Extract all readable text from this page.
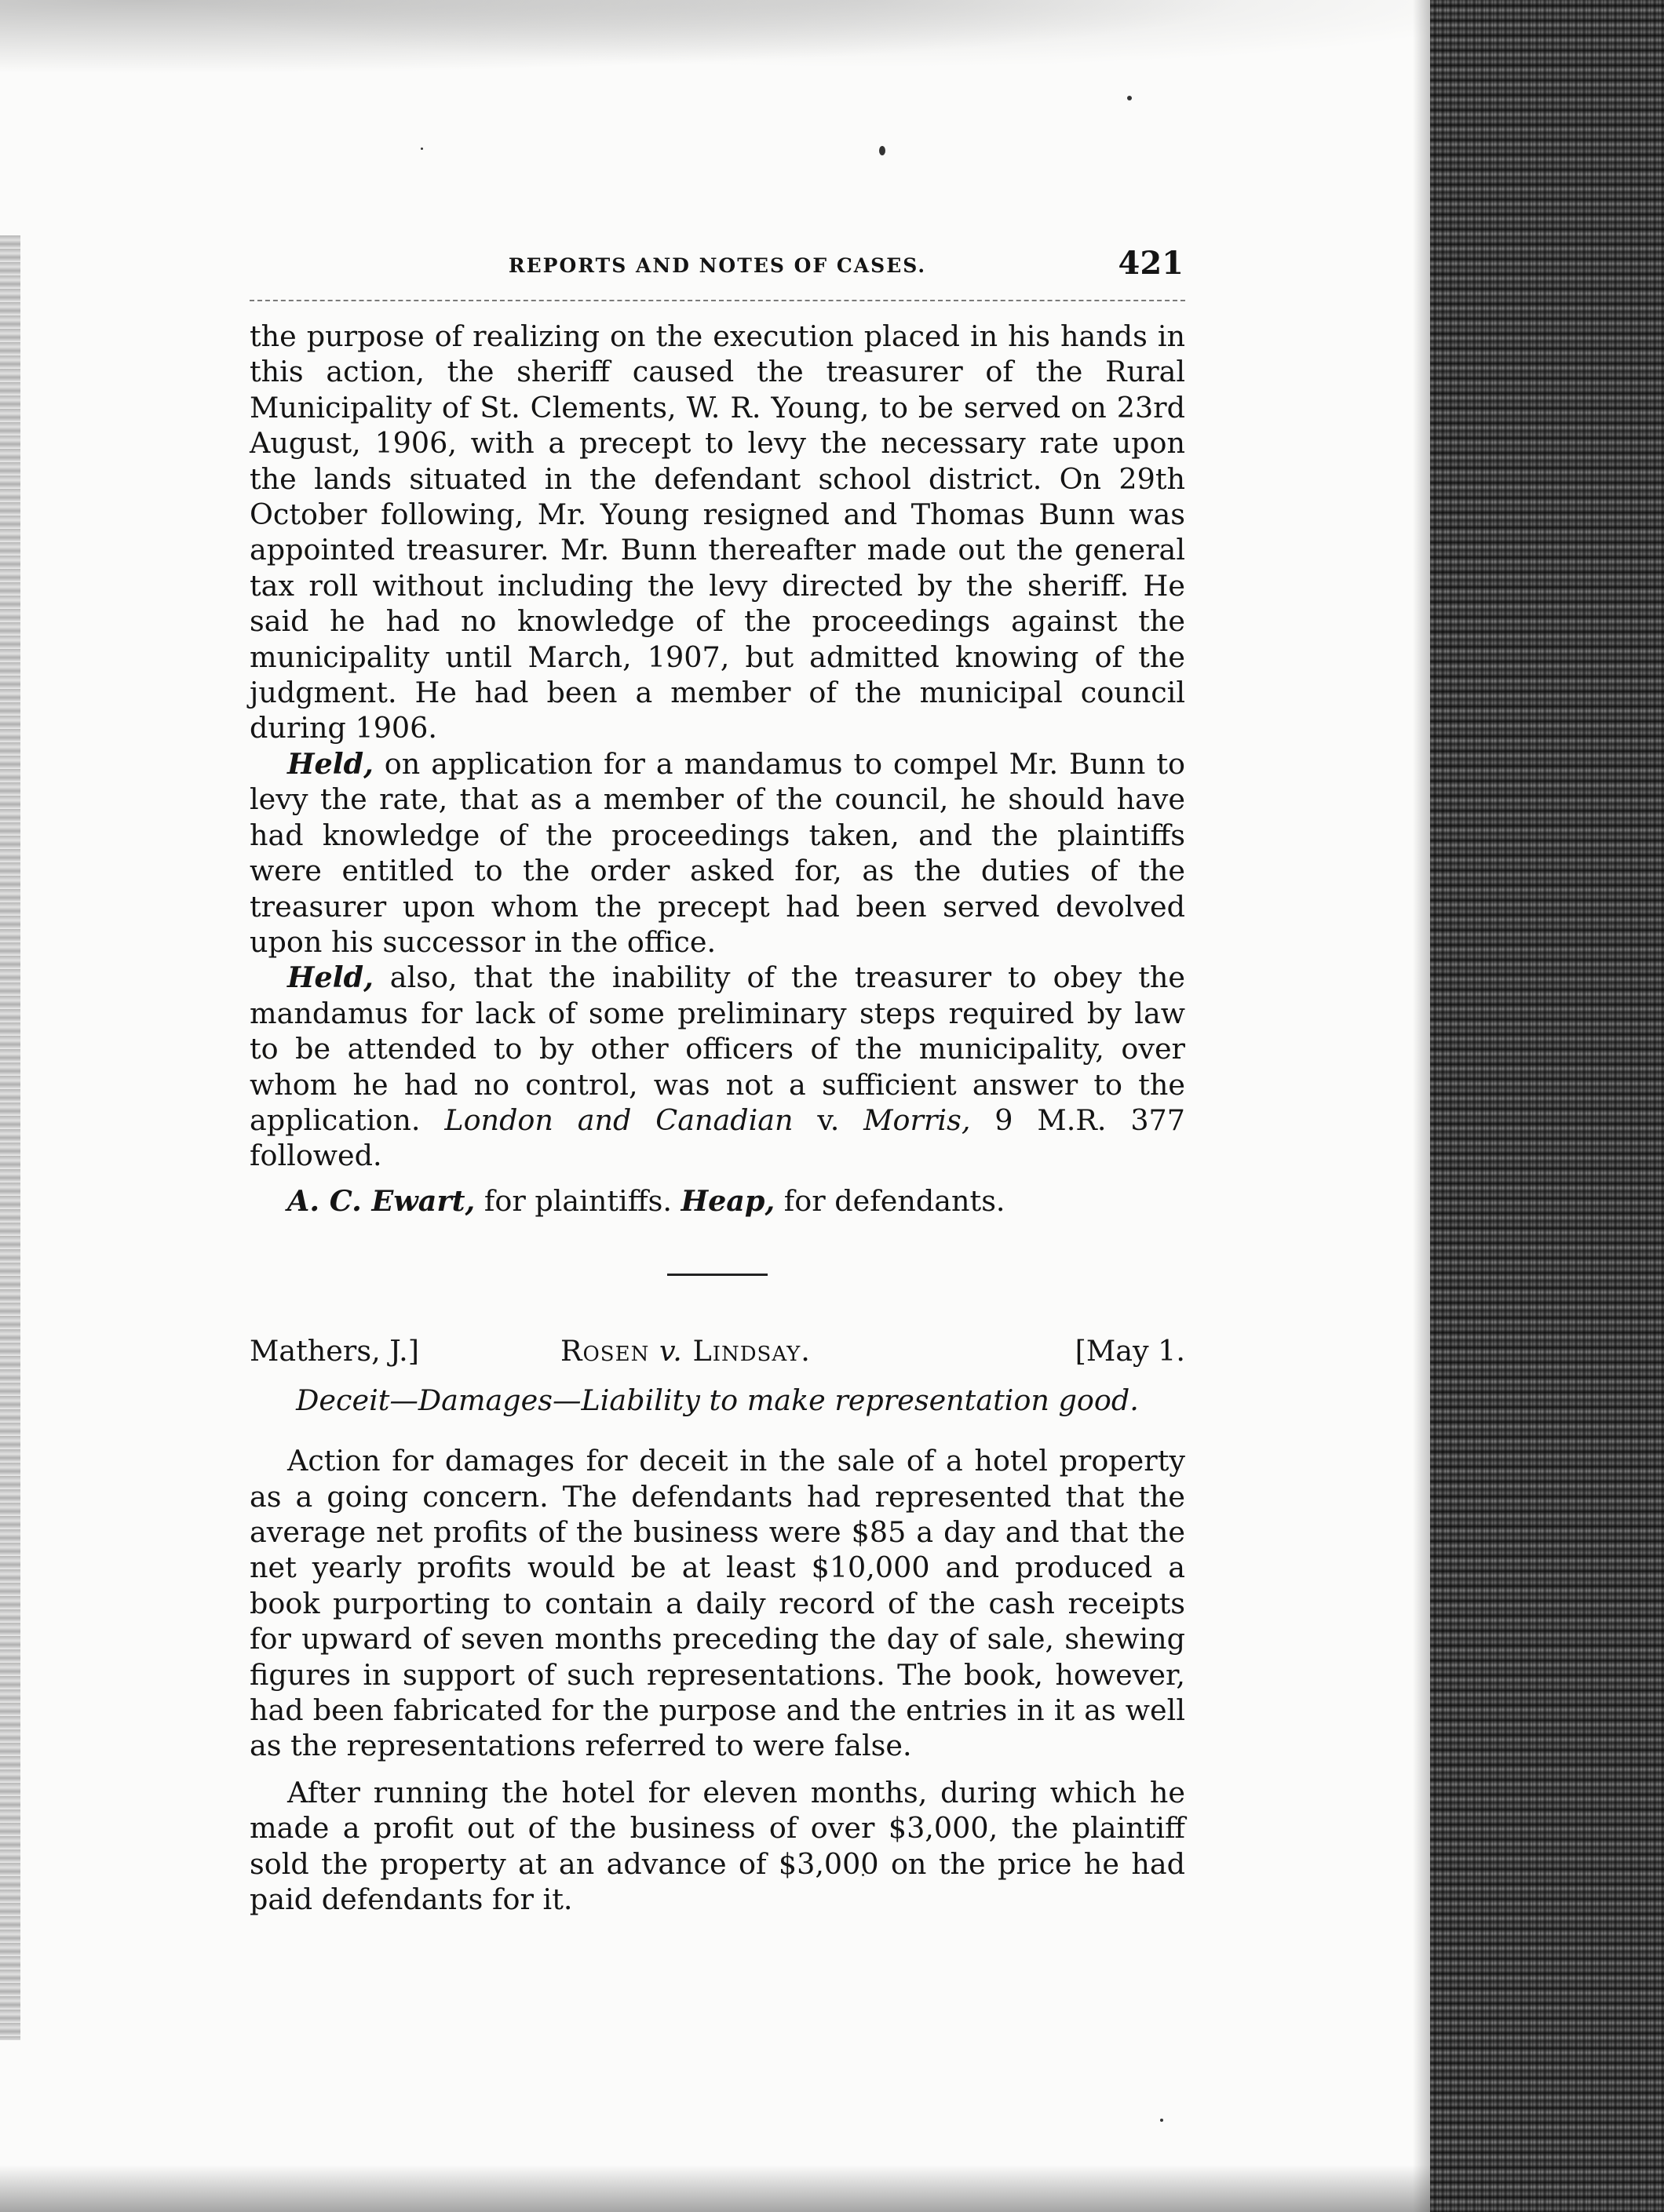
REPORTS AND NOTES OF CASES.	421

the purpose of realizing on the execution placed in his hands in this action, the sheriff caused the treasurer of the Rural Municipality of St. Clements, W. R. Young, to be served on 23rd August, 1906, with a precept to levy the necessary rate upon the lands situated in the defendant school district. On 29th October following, Mr. Young resigned and Thomas Bunn was appointed treasurer. Mr. Bunn thereafter made out the general tax roll without including the levy directed by the sheriff. He said he had no knowledge of the proceedings against the municipality until March, 1907, but admitted knowing of the judgment. He had been a member of the municipal council during 1906.

Held, on application for a mandamus to compel Mr. Bunn to levy the rate, that as a member of the council, he should have had knowledge of the proceedings taken, and the plaintiffs were entitled to the order asked for, as the duties of the treasurer upon whom the precept had been served devolved upon his successor in the office.

Held, also, that the inability of the treasurer to obey the mandamus for lack of some preliminary steps required by law to be attended to by other officers of the municipality, over whom he had no control, was not a sufficient answer to the application. London and Canadian v. Morris, 9 M.R. 377 followed.

A. C. Ewart, for plaintiffs. Heap, for defendants.

Mathers, J.]	Rosen v. Lindsay.	[May 1.
Deceit—Damages—Liability to make representation good.

Action for damages for deceit in the sale of a hotel property as a going concern. The defendants had represented that the average net profits of the business were $85 a day and that the net yearly profits would be at least $10,000 and produced a book purporting to contain a daily record of the cash receipts for upward of seven months preceding the day of sale, shewing figures in support of such representations. The book, however, had been fabricated for the purpose and the entries in it as well as the representations referred to were false.

After running the hotel for eleven months, during which he made a profit out of the business of over $3,000, the plaintiff sold the property at an advance of $3,000 on the price he had paid defendants for it.
